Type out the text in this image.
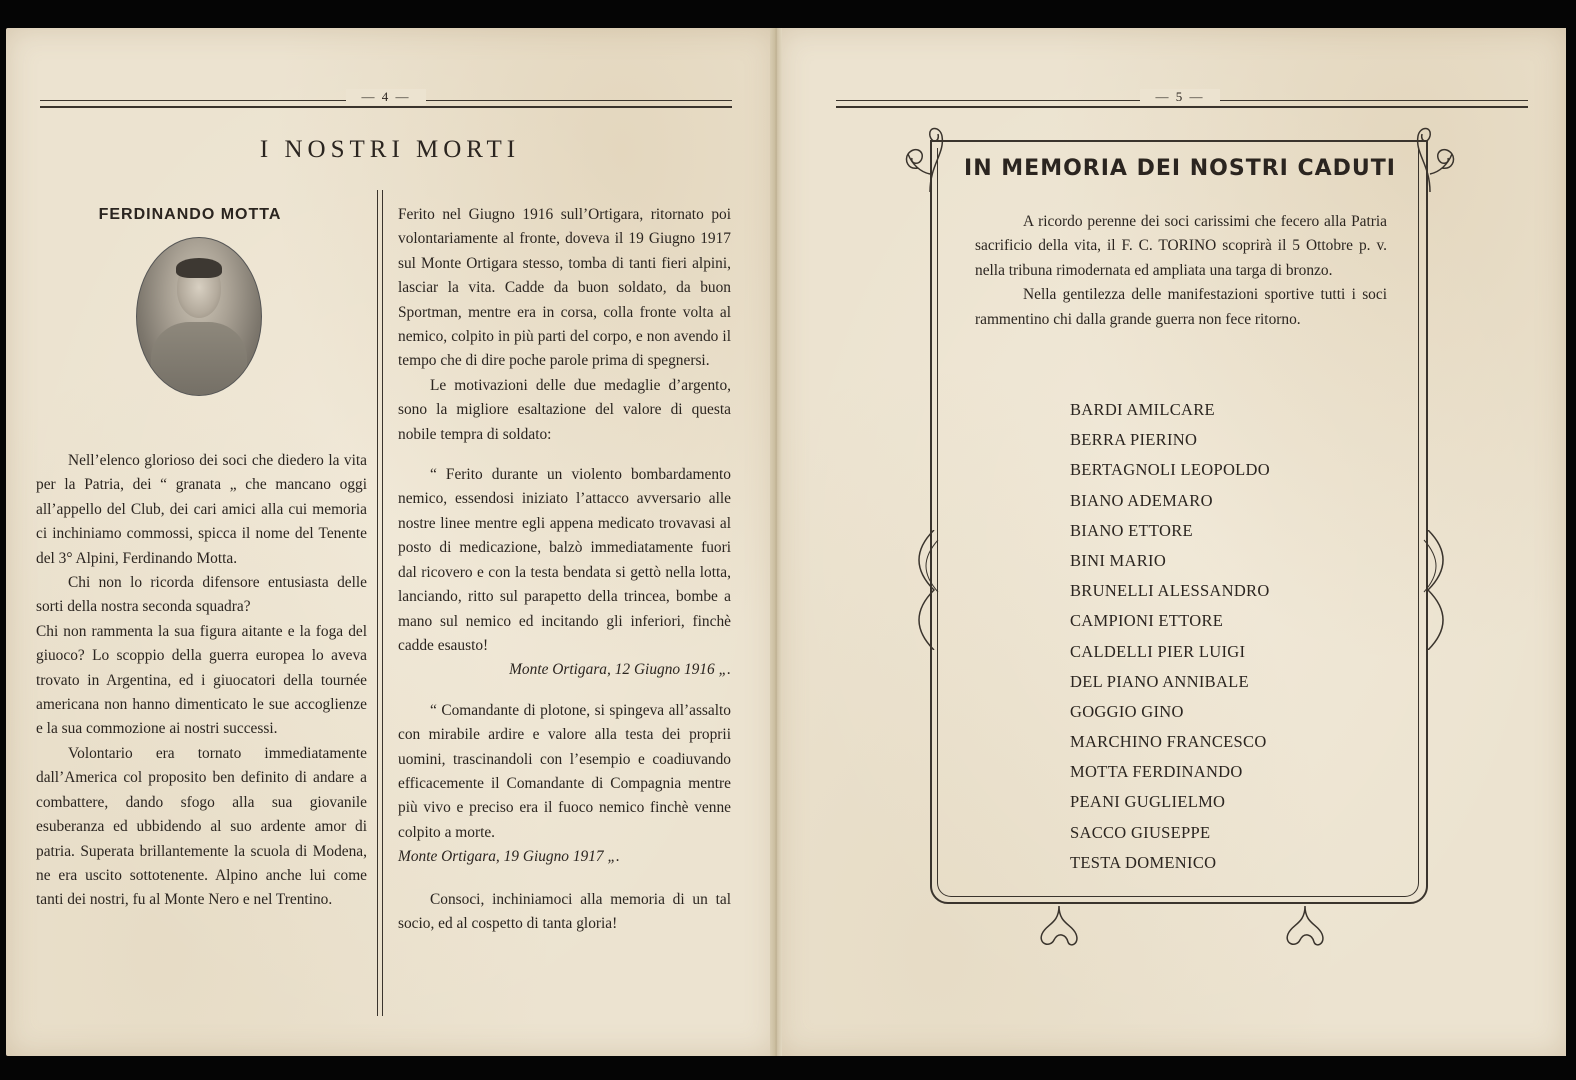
— 4 —
I NOSTRI MORTI
FERDINANDO MOTTA

Nell’elenco glorioso dei soci che diedero la vita per la Patria, dei “ granata „ che mancano oggi all’appello del Club, dei cari amici alla cui memoria ci inchiniamo commossi, spicca il nome del Tenente del 3° Alpini, Ferdinando Motta.

Chi non lo ricorda difensore entusiasta delle sorti della nostra seconda squadra?

Chi non rammenta la sua figura aitante e la foga del giuoco? Lo scoppio della guerra europea lo aveva trovato in Argentina, ed i giuocatori della tournée americana non hanno dimenticato le sue accoglienze e la sua commozione ai nostri successi.

Volontario era tornato immediatamente dall’America col proposito ben definito di andare a combattere, dando sfogo alla sua giovanile esuberanza ed ubbidendo al suo ardente amor di patria. Superata brillantemente la scuola di Modena, ne era uscito sottotenente. Alpino anche lui come tanti dei nostri, fu al Monte Nero e nel Trentino.

Ferito nel Giugno 1916 sull’Ortigara, ritornato poi volontariamente al fronte, doveva il 19 Giugno 1917 sul Monte Ortigara stesso, tomba di tanti fieri alpini, lasciar la vita. Cadde da buon soldato, da buon Sportman, mentre era in corsa, colla fronte volta al nemico, colpito in più parti del corpo, e non avendo il tempo che di dire poche parole prima di spegnersi.

Le motivazioni delle due medaglie d’argento, sono la migliore esaltazione del valore di questa nobile tempra di soldato:

“ Ferito durante un violento bombardamento nemico, essendosi iniziato l’attacco avversario alle nostre linee mentre egli appena medicato trovavasi al posto di medicazione, balzò immediatamente fuori dal ricovero e con la testa bendata si gettò nella lotta, lanciando, ritto sul parapetto della trincea, bombe a mano sul nemico ed incitando gli inferiori, finchè cadde esausto!

Monte Ortigara, 12 Giugno 1916 „.

“ Comandante di plotone, si spingeva all’assalto con mirabile ardire e valore alla testa dei proprii uomini, trascinandoli con l’esempio e coadiuvando efficacemente il Comandante di Compagnia mentre più vivo e preciso era il fuoco nemico finchè venne colpito a morte.

Monte Ortigara, 19 Giugno 1917 „.

Consoci, inchiniamoci alla memoria di un tal socio, ed al cospetto di tanta gloria!

— 5 —
IN MEMORIA DEI NOSTRI CADUTI

A ricordo perenne dei soci carissimi che fecero alla Patria sacrificio della vita, il F. C. TORINO scoprirà il 5 Ottobre p. v. nella tribuna rimodernata ed ampliata una targa di bronzo.

Nella gentilezza delle manifestazioni sportive tutti i soci rammentino chi dalla grande guerra non fece ritorno.

BARDI AMILCARE
BERRA PIERINO
BERTAGNOLI LEOPOLDO
BIANO ADEMARO
BIANO ETTORE
BINI MARIO
BRUNELLI ALESSANDRO
CAMPIONI ETTORE
CALDELLI PIER LUIGI
DEL PIANO ANNIBALE
GOGGIO GINO
MARCHINO FRANCESCO
MOTTA FERDINANDO
PEANI GUGLIELMO
SACCO GIUSEPPE
TESTA DOMENICO
